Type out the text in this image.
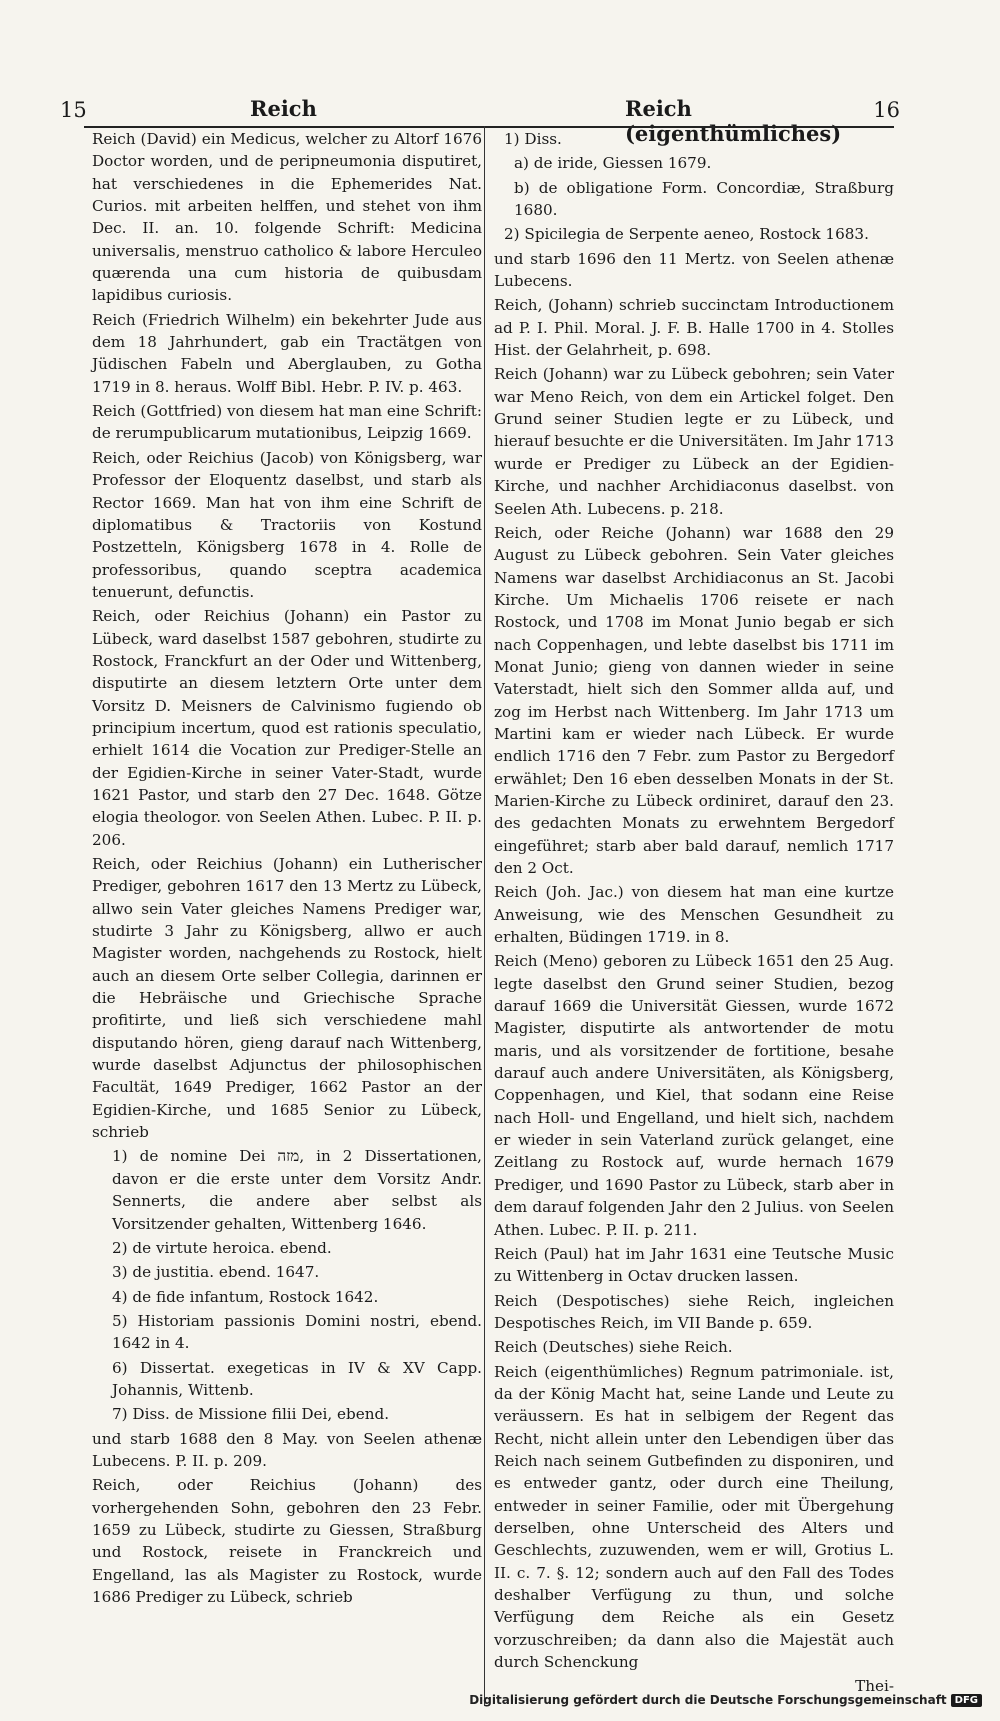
15	Reich	Reich (eigenthümliches)
16

Reich (David) ein Medicus, welcher zu Altorf 1676 Doctor worden, und de peripneumonia disputiret, hat verschiedenes in die Ephemerides Nat. Curios. mit arbeiten helffen, und stehet von ihm Dec. II. an. 10. folgende Schrift: Medicina universalis, menstruo catholico & labore Herculeo quærenda una cum historia de quibusdam lapidibus curiosis.

Reich (Friedrich Wilhelm) ein bekehrter Jude aus dem 18 Jahrhundert, gab ein Tractätgen von Jüdischen Fabeln und Aberglauben, zu Gotha 1719 in 8. heraus. Wolff Bibl. Hebr. P. IV. p. 463.

Reich (Gottfried) von diesem hat man eine Schrift: de rerumpublicarum mutationibus, Leipzig 1669.

Reich, oder Reichius (Jacob) von Königsberg, war Professor der Eloquentz daselbst, und starb als Rector 1669. Man hat von ihm eine Schrift de diplomatibus & Tractoriis von Kostund Postzetteln, Königsberg 1678 in 4. Rolle de professoribus, quando sceptra academica tenuerunt, defunctis.

Reich, oder Reichius (Johann) ein Pastor zu Lübeck, ward daselbst 1587 gebohren, studirte zu Rostock, Franckfurt an der Oder und Wittenberg, disputirte an diesem letztern Orte unter dem Vorsitz D. Meisners de Calvinismo fugiendo ob principium incertum, quod est rationis speculatio, erhielt 1614 die Vocation zur Prediger-Stelle an der Egidien-Kirche in seiner Vater-Stadt, wurde 1621 Pastor, und starb den 27 Dec. 1648. Götze elogia theologor. von Seelen Athen. Lubec. P. II. p. 206.

Reich, oder Reichius (Johann) ein Lutherischer Prediger, gebohren 1617 den 13 Mertz zu Lübeck, allwo sein Vater gleiches Namens Prediger war, studirte 3 Jahr zu Königsberg, allwo er auch Magister worden, nachgehends zu Rostock, hielt auch an diesem Orte selber Collegia, darinnen er die Hebräische und Griechische Sprache profitirte, und ließ sich verschiedene mahl disputando hören, gieng darauf nach Wittenberg, wurde daselbst Adjunctus der philosophischen Facultät, 1649 Prediger, 1662 Pastor an der Egidien-Kirche, und 1685 Senior zu Lübeck, schrieb

1) de nomine Dei מזה, in 2 Dissertationen, davon er die erste unter dem Vorsitz Andr. Sennerts, die andere aber selbst als Vorsitzender gehalten, Wittenberg 1646.

2) de virtute heroica. ebend.

3) de justitia. ebend. 1647.

4) de fide infantum, Rostock 1642.

5) Historiam passionis Domini nostri, ebend. 1642 in 4.

6) Dissertat. exegeticas in IV & XV Capp. Johannis, Wittenb.

7) Diss. de Missione filii Dei, ebend.

und starb 1688 den 8 May. von Seelen athenæ Lubecens. P. II. p. 209.

Reich, oder Reichius (Johann) des vorhergehenden Sohn, gebohren den 23 Febr. 1659 zu Lübeck, studirte zu Giessen, Straßburg und Rostock, reisete in Franckreich und Engelland, las als Magister zu Rostock, wurde 1686 Prediger zu Lübeck, schrieb

1) Diss.

a) de iride, Giessen 1679.

b) de obligatione Form. Concordiæ, Straßburg 1680.

2) Spicilegia de Serpente aeneo, Rostock 1683.

und starb 1696 den 11 Mertz. von Seelen athenæ Lubecens.

Reich, (Johann) schrieb succinctam Introductionem ad P. I. Phil. Moral. J. F. B. Halle 1700 in 4. Stolles Hist. der Gelahrheit, p. 698.

Reich (Johann) war zu Lübeck gebohren; sein Vater war Meno Reich, von dem ein Artickel folget. Den Grund seiner Studien legte er zu Lübeck, und hierauf besuchte er die Universitäten. Im Jahr 1713 wurde er Prediger zu Lübeck an der Egidien-Kirche, und nachher Archidiaconus daselbst. von Seelen Ath. Lubecens. p. 218.

Reich, oder Reiche (Johann) war 1688 den 29 August zu Lübeck gebohren. Sein Vater gleiches Namens war daselbst Archidiaconus an St. Jacobi Kirche. Um Michaelis 1706 reisete er nach Rostock, und 1708 im Monat Junio begab er sich nach Coppenhagen, und lebte daselbst bis 1711 im Monat Junio; gieng von dannen wieder in seine Vaterstadt, hielt sich den Sommer allda auf, und zog im Herbst nach Wittenberg. Im Jahr 1713 um Martini kam er wieder nach Lübeck. Er wurde endlich 1716 den 7 Febr. zum Pastor zu Bergedorf erwählet; Den 16 eben desselben Monats in der St. Marien-Kirche zu Lübeck ordiniret, darauf den 23. des gedachten Monats zu erwehntem Bergedorf eingeführet; starb aber bald darauf, nemlich 1717 den 2 Oct.

Reich (Joh. Jac.) von diesem hat man eine kurtze Anweisung, wie des Menschen Gesundheit zu erhalten, Büdingen 1719. in 8.

Reich (Meno) geboren zu Lübeck 1651 den 25 Aug. legte daselbst den Grund seiner Studien, bezog darauf 1669 die Universität Giessen, wurde 1672 Magister, disputirte als antwortender de motu maris, und als vorsitzender de fortitione, besahe darauf auch andere Universitäten, als Königsberg, Coppenhagen, und Kiel, that sodann eine Reise nach Holl- und Engelland, und hielt sich, nachdem er wieder in sein Vaterland zurück gelanget, eine Zeitlang zu Rostock auf, wurde hernach 1679 Prediger, und 1690 Pastor zu Lübeck, starb aber in dem darauf folgenden Jahr den 2 Julius. von Seelen Athen. Lubec. P. II. p. 211.

Reich (Paul) hat im Jahr 1631 eine Teutsche Music zu Wittenberg in Octav drucken lassen.

Reich (Despotisches) siehe Reich, ingleichen Despotisches Reich, im VII Bande p. 659.

Reich (Deutsches) siehe Reich.

Reich (eigenthümliches) Regnum patrimoniale. ist, da der König Macht hat, seine Lande und Leute zu veräussern. Es hat in selbigem der Regent das Recht, nicht allein unter den Lebendigen über das Reich nach seinem Gutbefinden zu disponiren, und es entweder gantz, oder durch eine Theilung, entweder in seiner Familie, oder mit Übergehung derselben, ohne Unterscheid des Alters und Geschlechts, zuzuwenden, wem er will, Grotius L. II. c. 7. §. 12; sondern auch auf den Fall des Todes deshalber Verfügung zu thun, und solche Verfügung dem Reiche als ein Gesetz vorzuschreiben; da dann also die Majestät auch durch Schenckung

Thei-

Digitalisierung gefördert durch die Deutsche Forschungsgemeinschaft DFG
